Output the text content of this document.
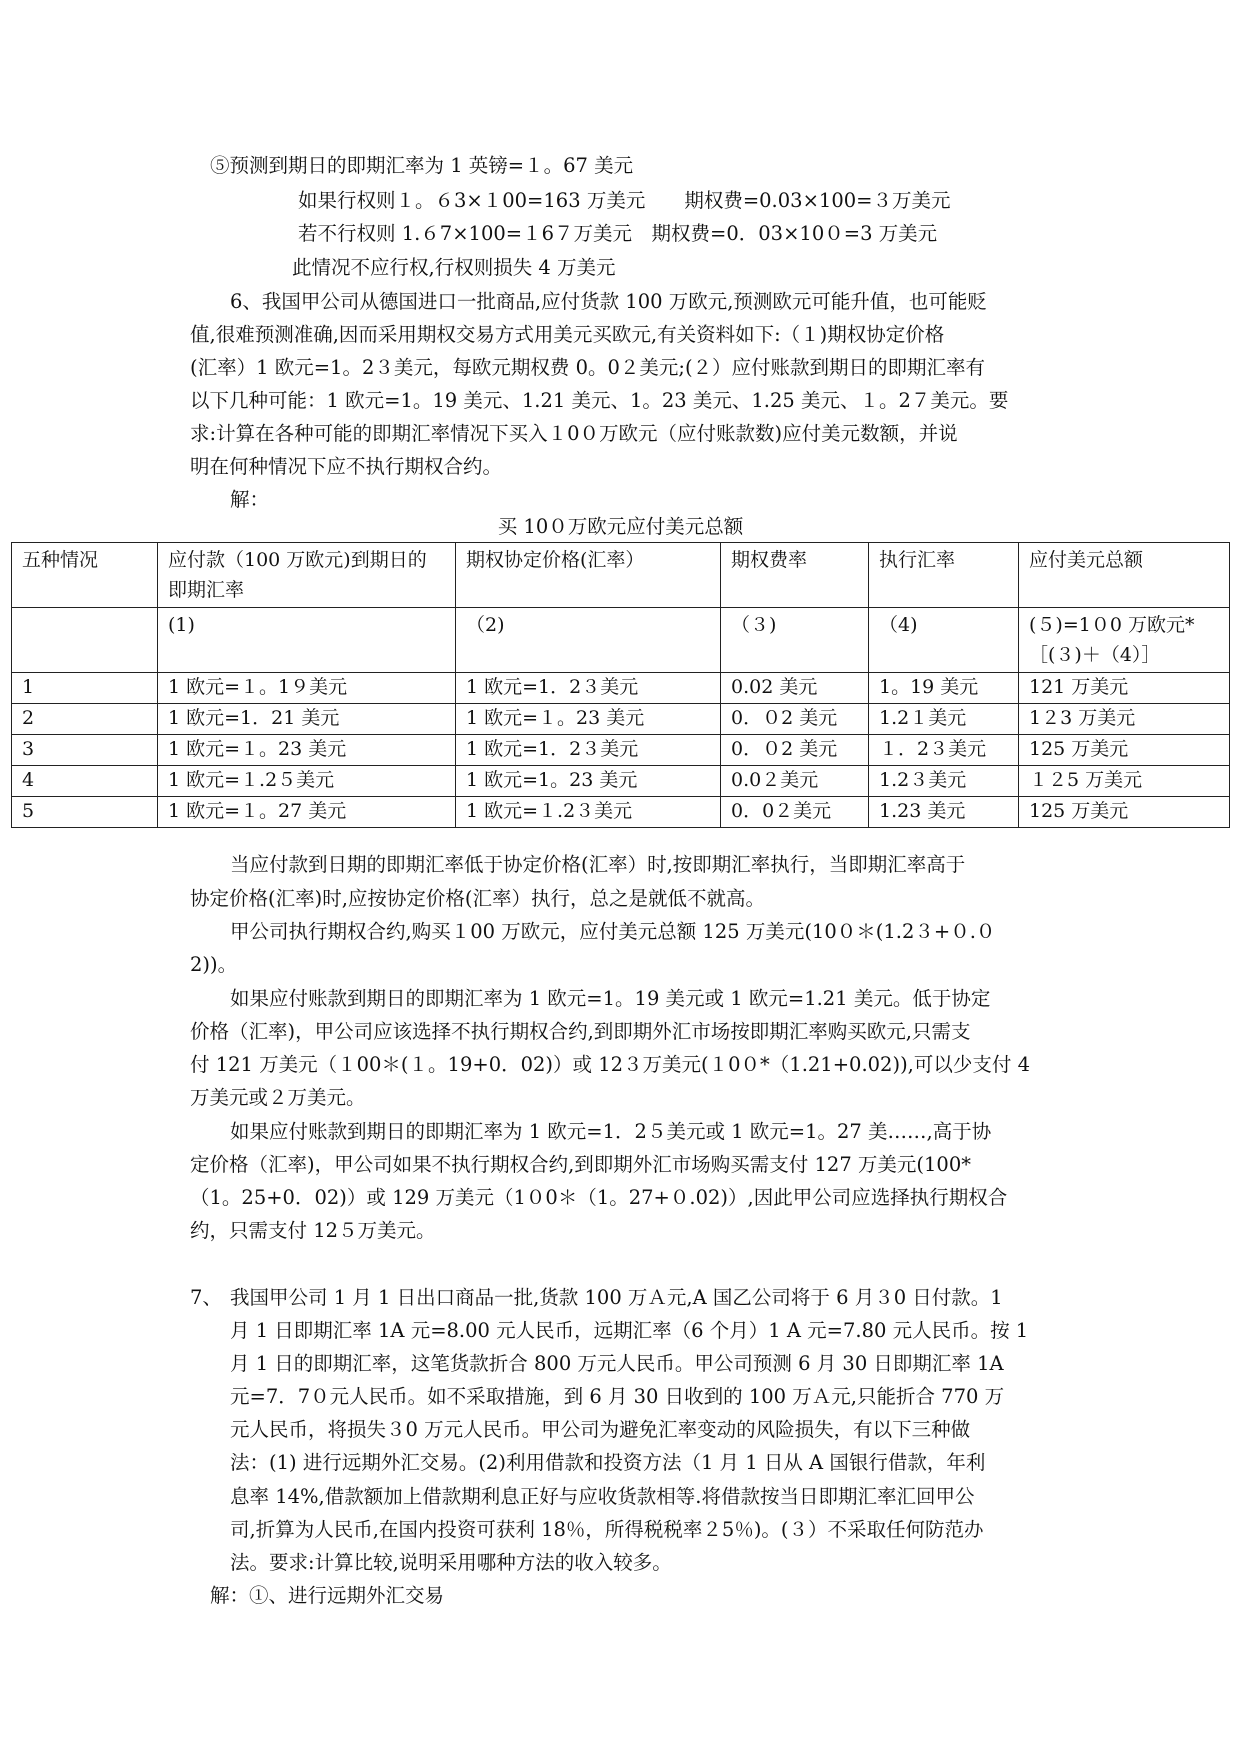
⑤预测到期日的即期汇率为 1 英镑=１。67 美元
如果行权则１。６3×１00=163 万美元　　期权费=0.03×100=３万美元
若不行权则 1.６7×100=１6７万美元　期权费=0．03×10０=3 万美元
此情况不应行权,行权则损失 4 万美元
6、我国甲公司从德国进口一批商品,应付货款 100 万欧元,预测欧元可能升值，也可能贬
值,很难预测准确,因而采用期权交易方式用美元买欧元,有关资料如下:（１)期权协定价格
(汇率）1 欧元=1。2３美元，每欧元期权费 0。0２美元;(２）应付账款到期日的即期汇率有
以下几种可能：1 欧元=1。19 美元、1.21 美元、1。23 美元、1.25 美元、１。2７美元。要
求:计算在各种可能的即期汇率情况下买入１0０万欧元（应付账款数)应付美元数额，并说
明在何种情况下应不执行期权合约。
解：
买 10０万欧元应付美元总额
五种情况	应付款（100 万欧元)到期日的即期汇率	期权协定价格(汇率）	期权费率	执行汇率	应付美元总额
	(1)	（2)	（３)	（4)	(５)=1０0 万欧元*［(３)＋（4）］
1	1 欧元=１。1９美元	1 欧元=1．2３美元	0.02 美元	1。19 美元	121 万美元
2	1 欧元=1．21 美元	1 欧元=１。23 美元	0．０2 美元	1.2１美元	1２3 万美元
3	1 欧元=１。23 美元	1 欧元=1．2３美元	0．０2 美元	１．2３美元	125 万美元
4	1 欧元=１.2５美元	1 欧元=1。23 美元	0.0２美元	1.2３美元	１２5 万美元
5	1 欧元=１。27 美元	1 欧元=１.2３美元	0．0２美元	1.23 美元	125 万美元
当应付款到日期的即期汇率低于协定价格(汇率）时,按即期汇率执行，当即期汇率高于
协定价格(汇率)时,应按协定价格(汇率）执行，总之是就低不就高。
甲公司执行期权合约,购买１00 万欧元，应付美元总额 125 万美元(10０＊(1.2３+０.０
2))。
如果应付账款到期日的即期汇率为 1 欧元=1。19 美元或 1 欧元=1.21 美元。低于协定
价格（汇率)，甲公司应该选择不执行期权合约,到即期外汇市场按即期汇率购买欧元,只需支
付 121 万美元（１00＊(１。19+0．02)）或 12３万美元(１0０*（1.21+0.02)),可以少支付 4
万美元或２万美元。
如果应付账款到期日的即期汇率为 1 欧元=1．2５美元或 1 欧元=1。27 美……,高于协
定价格（汇率)，甲公司如果不执行期权合约,到即期外汇市场购买需支付 127 万美元(100*
（1。25+0．02)）或 129 万美元（1０0＊（1。27+０.02)）,因此甲公司应选择执行期权合
约，只需支付 12５万美元。
7、 我国甲公司 1 月 1 日出口商品一批,货款 100 万Ａ元,A 国乙公司将于 6 月３0 日付款。1
月 1 日即期汇率 1A 元=8.00 元人民币，远期汇率（6 个月）1 A 元=7.80 元人民币。按 1
月 1 日的即期汇率，这笔货款折合 800 万元人民币。甲公司预测 6 月 30 日即期汇率 1A
元=7．7０元人民币。如不采取措施，到 6 月 30 日收到的 100 万Ａ元,只能折合 770 万
元人民币，将损失３0 万元人民币。甲公司为避免汇率变动的风险损失，有以下三种做
法：(1) 进行远期外汇交易。(2)利用借款和投资方法（1 月 1 日从 A 国银行借款，年利
息率 14%,借款额加上借款期利息正好与应收货款相等.将借款按当日即期汇率汇回甲公
司,折算为人民币,在国内投资可获利 18％，所得税税率２5％)。(３）不采取任何防范办
法。要求:计算比较,说明采用哪种方法的收入较多。
解：①、进行远期外汇交易
